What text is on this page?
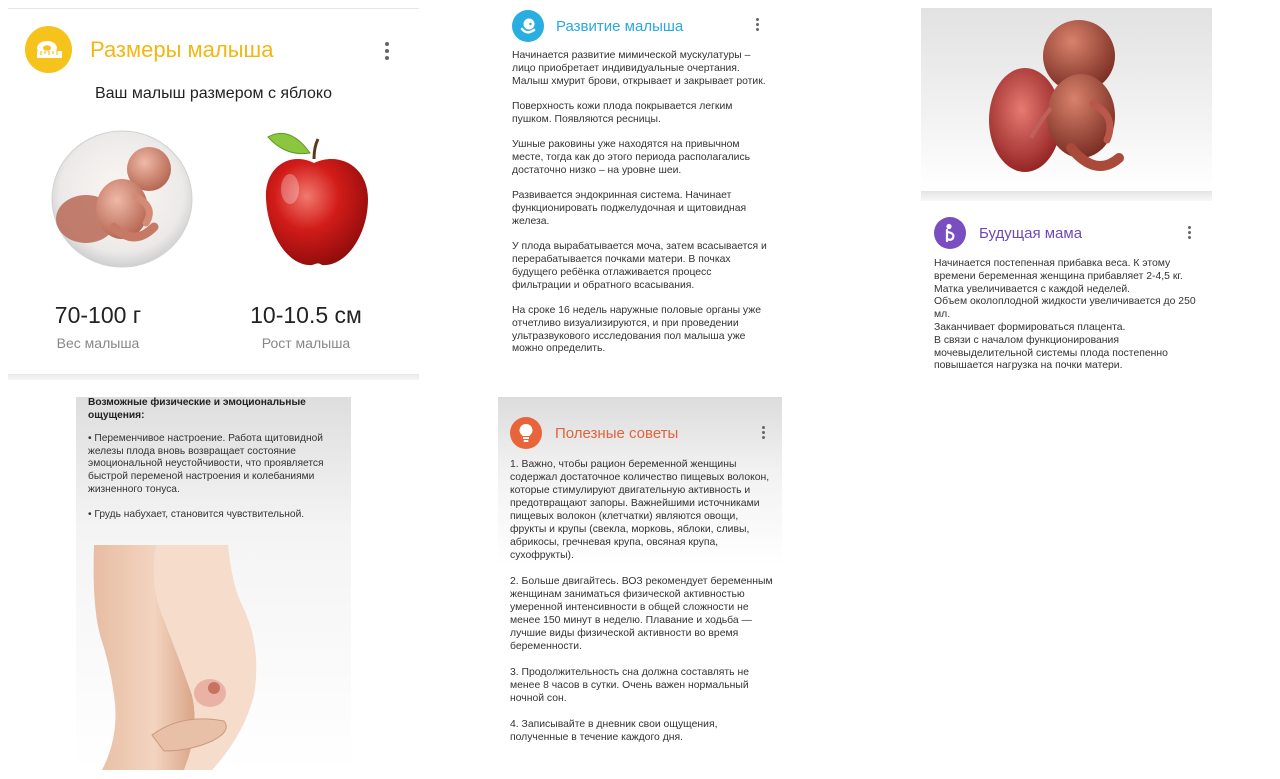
Размеры малыша
Ваш малыш размером с яблоко
70-100 г
Вес малыша
10-10.5 см
Рост малыша
Развитие малыша

Начинается развитие мимической мускулатуры – лицо приобретает индивидуальные очертания. Малыш хмурит брови, открывает и закрывает ротик.

Поверхность кожи плода покрывается легким пушком. Появляются ресницы.

Ушные раковины уже находятся на привычном месте, тогда как до этого периода располагались достаточно низко – на уровне шеи.

Развивается эндокринная система. Начинает функционировать поджелудочная и щитовидная железа.

У плода вырабатывается моча, затем всасывается и перерабатывается почками матери. В почках будущего ребёнка отлаживается процесс фильтрации и обратного всасывания.

На сроке 16 недель наружные половые органы уже отчетливо визуализируются, и при проведении ультразвукового исследования пол малыша уже можно определить.

Будущая мама
Начинается постепенная прибавка веса. К этому времени беременная женщина прибавляет 2-4,5 кг. Матка увеличивается с каждой неделей.
Объем околоплодной жидкости увеличивается до 250 мл.
Заканчивает формироваться плацента.
В связи с началом функционирования мочевыделительной системы плода постепенно повышается нагрузка на почки матери.
Возможные физические и эмоциональные ощущения:

• Переменчивое настроение. Работа щитовидной железы плода вновь возвращает состояние эмоциональной неустойчивости, что проявляется быстрой переменой настроения и колебаниями жизненного тонуса.

• Грудь набухает, становится чувствительной.

Полезные советы

1. Важно, чтобы рацион беременной женщины содержал достаточное количество пищевых волокон, которые стимулируют двигательную активность и предотвращают запоры. Важнейшими источниками пищевых волокон (клетчатки) являются овощи, фрукты и крупы (свекла, морковь, яблоки, сливы, абрикосы, гречневая крупа, овсяная крупа, сухофрукты).

2. Больше двигайтесь. ВОЗ рекомендует беременным женщинам заниматься физической активностью умеренной интенсивности в общей сложности не менее 150 минут в неделю. Плавание и ходьба — лучшие виды физической активности во время беременности.

3. Продолжительность сна должна составлять не менее 8 часов в сутки. Очень важен нормальный ночной сон.

4. Записывайте в дневник свои ощущения, полученные в течение каждого дня.
